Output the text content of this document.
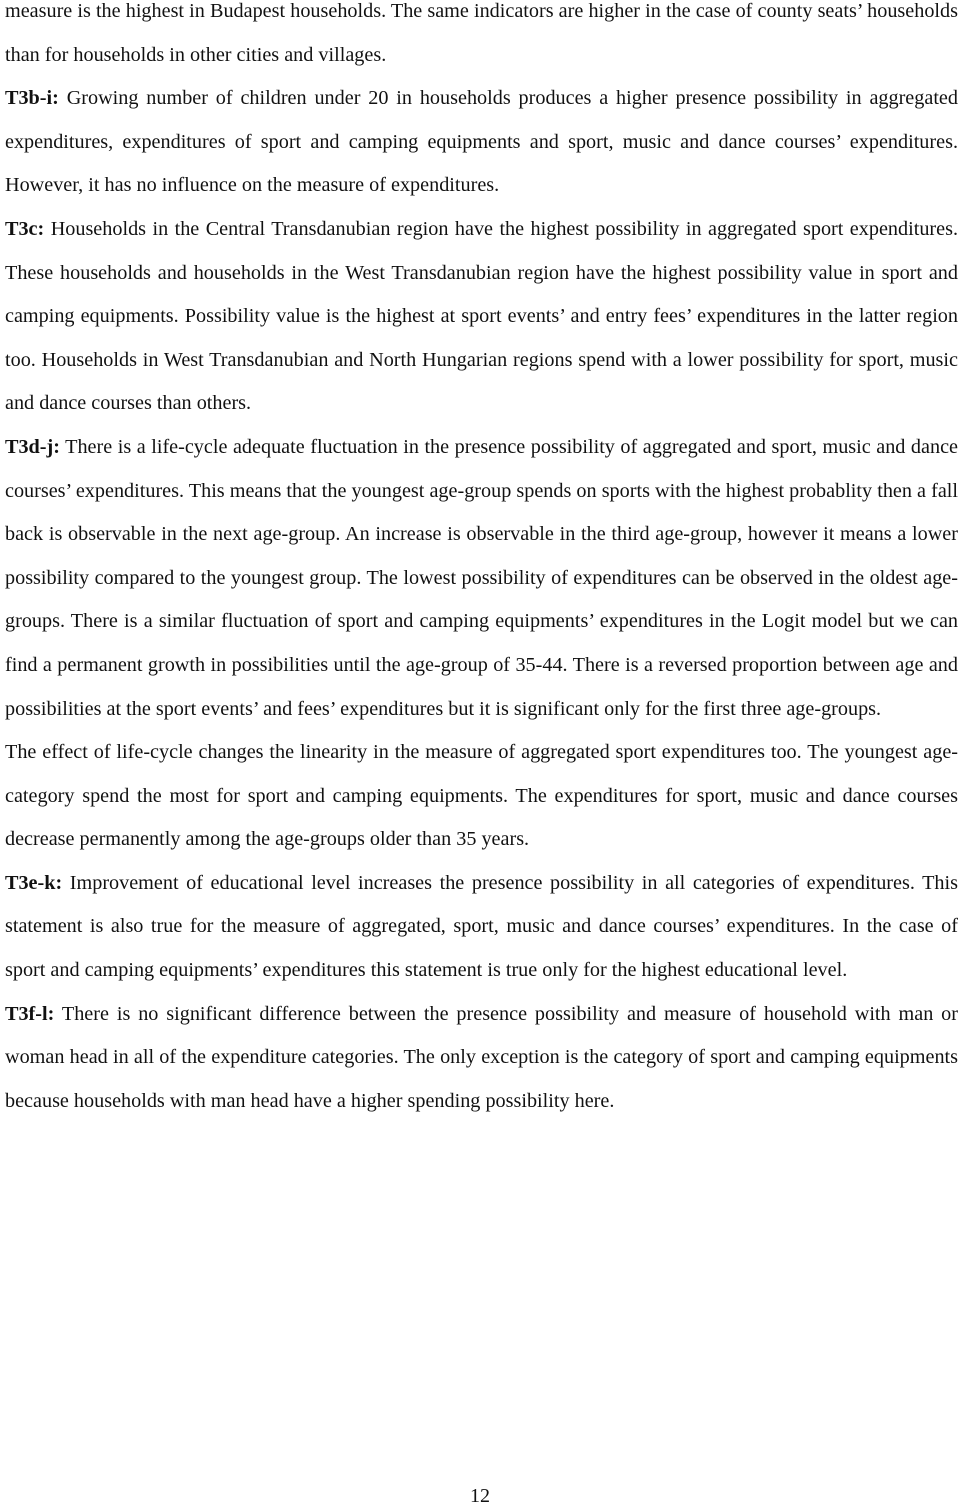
measure is the highest in Budapest households. The same indicators are higher in the case of county seats’ households than for households in other cities and villages.

T3b-i: Growing number of children under 20 in households produces a higher presence possibility in aggregated expenditures, expenditures of sport and camping equipments and sport, music and dance courses’ expenditures. However, it has no influence on the measure of expenditures.

T3c: Households in the Central Transdanubian region have the highest possibility in aggregated sport expenditures. These households and households in the West Transdanubian region have the highest possibility value in sport and camping equipments. Possibility value is the highest at sport events’ and entry fees’ expenditures in the latter region too. Households in West Transdanubian and North Hungarian regions spend with a lower possibility for sport, music and dance courses than others.

T3d-j: There is a life-cycle adequate fluctuation in the presence possibility of aggregated and sport, music and dance courses’ expenditures. This means that the youngest age-group spends on sports with the highest probablity then a fall back is observable in the next age-group. An increase is observable in the third age-group, however it means a lower possibility compared to the youngest group. The lowest possibility of expenditures can be observed in the oldest age-groups. There is a similar fluctuation of sport and camping equipments’ expenditures in the Logit model but we can find a permanent growth in possibilities until the age-group of 35-44. There is a reversed proportion between age and possibilities at the sport events’ and fees’ expenditures but it is significant only for the first three age-groups.

The effect of life-cycle changes the linearity in the measure of aggregated sport expenditures too. The youngest age-category spend the most for sport and camping equipments. The expenditures for sport, music and dance courses decrease permanently among the age-groups older than 35 years.

T3e-k: Improvement of educational level increases the presence possibility in all categories of expenditures. This statement is also true for the measure of aggregated, sport, music and dance courses’ expenditures. In the case of sport and camping equipments’ expenditures this statement is true only for the highest educational level.

T3f-l: There is no significant difference between the presence possibility and measure of household with man or woman head in all of the expenditure categories. The only exception is the category of sport and camping equipments because households with man head have a higher spending possibility here.

12
